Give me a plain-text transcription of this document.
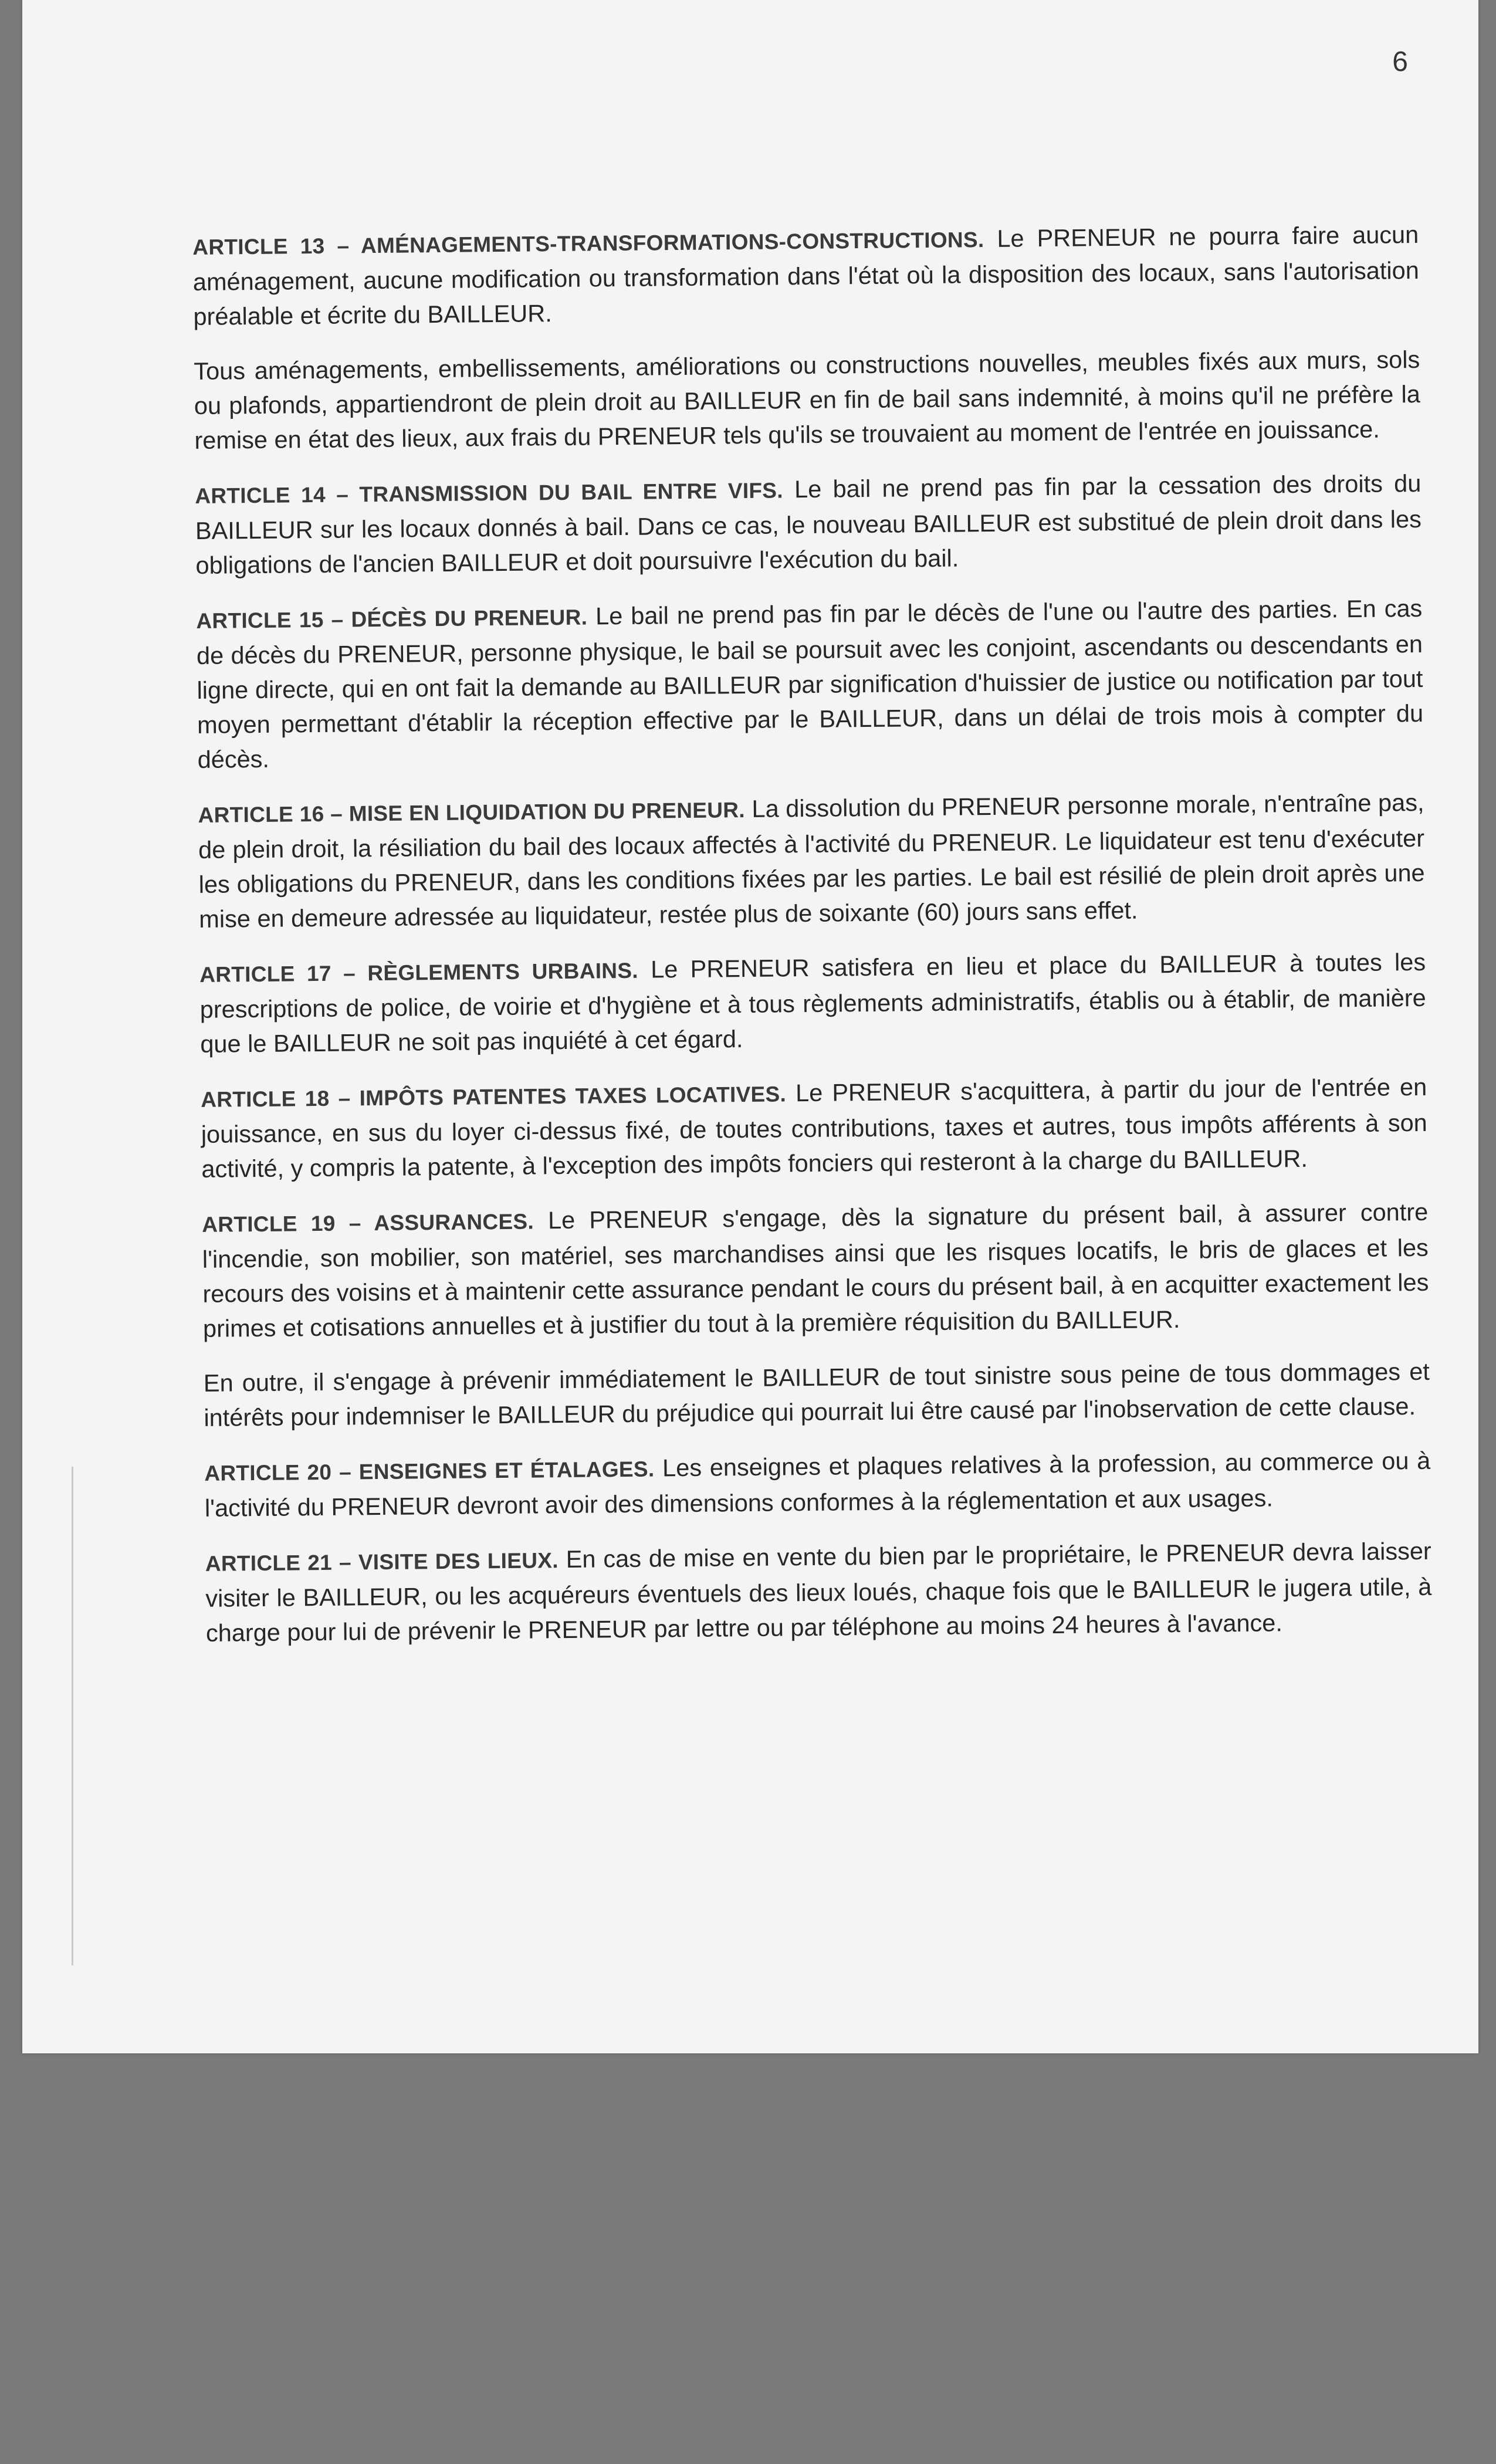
6

ARTICLE 13 – AMÉNAGEMENTS-TRANSFORMATIONS-CONSTRUCTIONS. Le PRENEUR ne pourra faire aucun aménagement, aucune modification ou transformation dans l'état où la disposition des locaux, sans l'autorisation préalable et écrite du BAILLEUR.

Tous aménagements, embellissements, améliorations ou constructions nouvelles, meubles fixés aux murs, sols ou plafonds, appartiendront de plein droit au BAILLEUR en fin de bail sans indemnité, à moins qu'il ne préfère la remise en état des lieux, aux frais du PRENEUR tels qu'ils se trouvaient au moment de l'entrée en jouissance.

ARTICLE 14 – TRANSMISSION DU BAIL ENTRE VIFS. Le bail ne prend pas fin par la cessation des droits du BAILLEUR sur les locaux donnés à bail. Dans ce cas, le nouveau BAILLEUR est substitué de plein droit dans les obligations de l'ancien BAILLEUR et doit poursuivre l'exécution du bail.

ARTICLE 15 – DÉCÈS DU PRENEUR. Le bail ne prend pas fin par le décès de l'une ou l'autre des parties. En cas de décès du PRENEUR, personne physique, le bail se poursuit avec les conjoint, ascendants ou descendants en ligne directe, qui en ont fait la demande au BAILLEUR par signification d'huissier de justice ou notification par tout moyen permettant d'établir la réception effective par le BAILLEUR, dans un délai de trois mois à compter du décès.

ARTICLE 16 – MISE EN LIQUIDATION DU PRENEUR. La dissolution du PRENEUR personne morale, n'entraîne pas, de plein droit, la résiliation du bail des locaux affectés à l'activité du PRENEUR. Le liquidateur est tenu d'exécuter les obligations du PRENEUR, dans les conditions fixées par les parties. Le bail est résilié de plein droit après une mise en demeure adressée au liquidateur, restée plus de soixante (60) jours sans effet.

ARTICLE 17 – RÈGLEMENTS URBAINS. Le PRENEUR satisfera en lieu et place du BAILLEUR à toutes les prescriptions de police, de voirie et d'hygiène et à tous règlements administratifs, établis ou à établir, de manière que le BAILLEUR ne soit pas inquiété à cet égard.

ARTICLE 18 – IMPÔTS PATENTES TAXES LOCATIVES. Le PRENEUR s'acquittera, à partir du jour de l'entrée en jouissance, en sus du loyer ci-dessus fixé, de toutes contributions, taxes et autres, tous impôts afférents à son activité, y compris la patente, à l'exception des impôts fonciers qui resteront à la charge du BAILLEUR.

ARTICLE 19 – ASSURANCES. Le PRENEUR s'engage, dès la signature du présent bail, à assurer contre l'incendie, son mobilier, son matériel, ses marchandises ainsi que les risques locatifs, le bris de glaces et les recours des voisins et à maintenir cette assurance pendant le cours du présent bail, à en acquitter exactement les primes et cotisations annuelles et à justifier du tout à la première réquisition du BAILLEUR.

En outre, il s'engage à prévenir immédiatement le BAILLEUR de tout sinistre sous peine de tous dommages et intérêts pour indemniser le BAILLEUR du préjudice qui pourrait lui être causé par l'inobservation de cette clause.

ARTICLE 20 – ENSEIGNES ET ÉTALAGES. Les enseignes et plaques relatives à la profession, au commerce ou à l'activité du PRENEUR devront avoir des dimensions conformes à la réglementation et aux usages.

ARTICLE 21 – VISITE DES LIEUX. En cas de mise en vente du bien par le propriétaire, le PRENEUR devra laisser visiter le BAILLEUR, ou les acquéreurs éventuels des lieux loués, chaque fois que le BAILLEUR le jugera utile, à charge pour lui de prévenir le PRENEUR par lettre ou par téléphone au moins 24 heures à l'avance.
